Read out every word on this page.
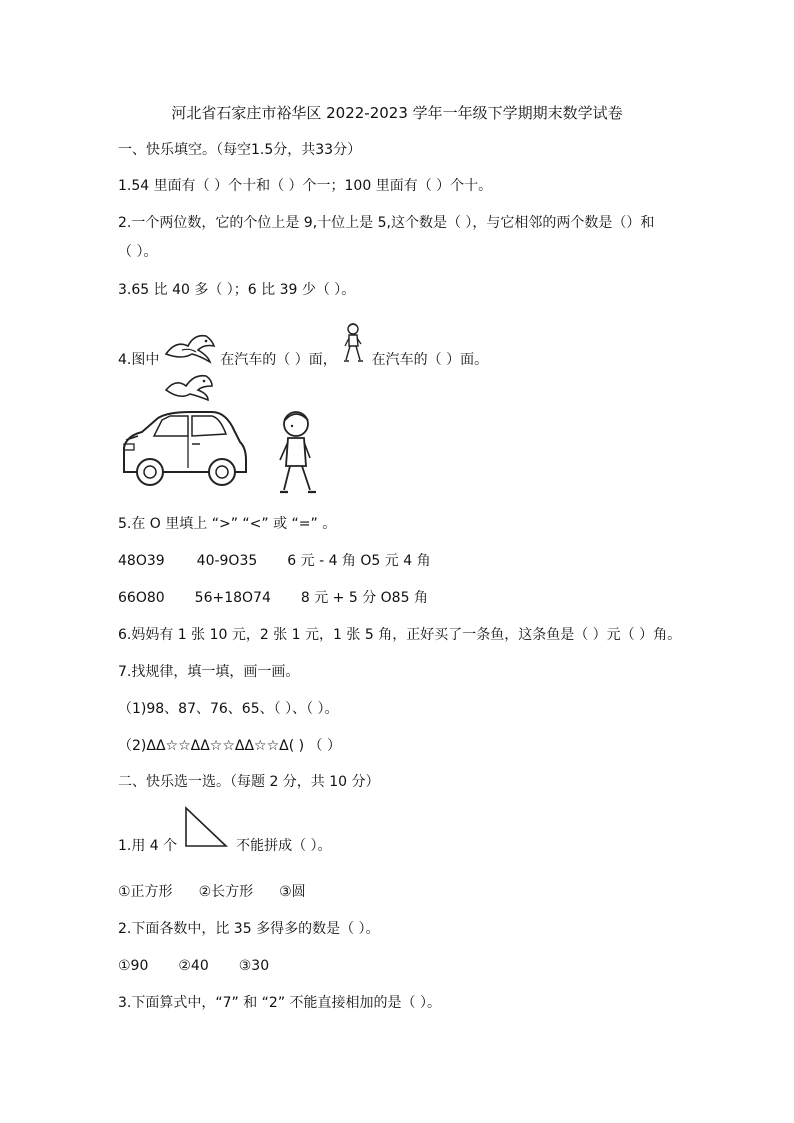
河北省石家庄市裕华区 2022-2023 学年一年级下学期期末数学试卷
一、快乐填空。（每空1.5分，共33分）
1.54 里面有（ ）个十和（ ）个一；100 里面有（ ）个十。
2.一个两位数，它的个位上是 9,十位上是 5,这个数是（ ），与它相邻的两个数是（）和
（ ）。
3.65 比 40 多（ ）；6 比 39 少（ ）。
4.图中	在汽车的（ ）面， 在汽车的（ ）面。
5.在 O 里填上 “>” “<” 或 “=” 。
48O39 40-9O35 6 元 - 4 角 O5 元 4 角
66O80 56+18O74 8 元 + 5 分 O85 角
6.妈妈有 1 张 10 元，2 张 1 元，1 张 5 角，正好买了一条鱼，这条鱼是（ ）元（ ）角。
7.找规律，填一填，画一画。
（1)98、87、76、65、（ ）、（ ）。
（2)ΔΔ☆☆ΔΔ☆☆ΔΔ☆☆Δ( ) （ ）
二、快乐选一选。（每题 2 分，共 10 分）
1.用 4 个	不能拼成（ ）。
①正方形 ②长方形 ③圆
2.下面各数中，比 35 多得多的数是（ ）。
①90 ②40 ③30
3.下面算式中，“7” 和 “2” 不能直接相加的是（ ）。
